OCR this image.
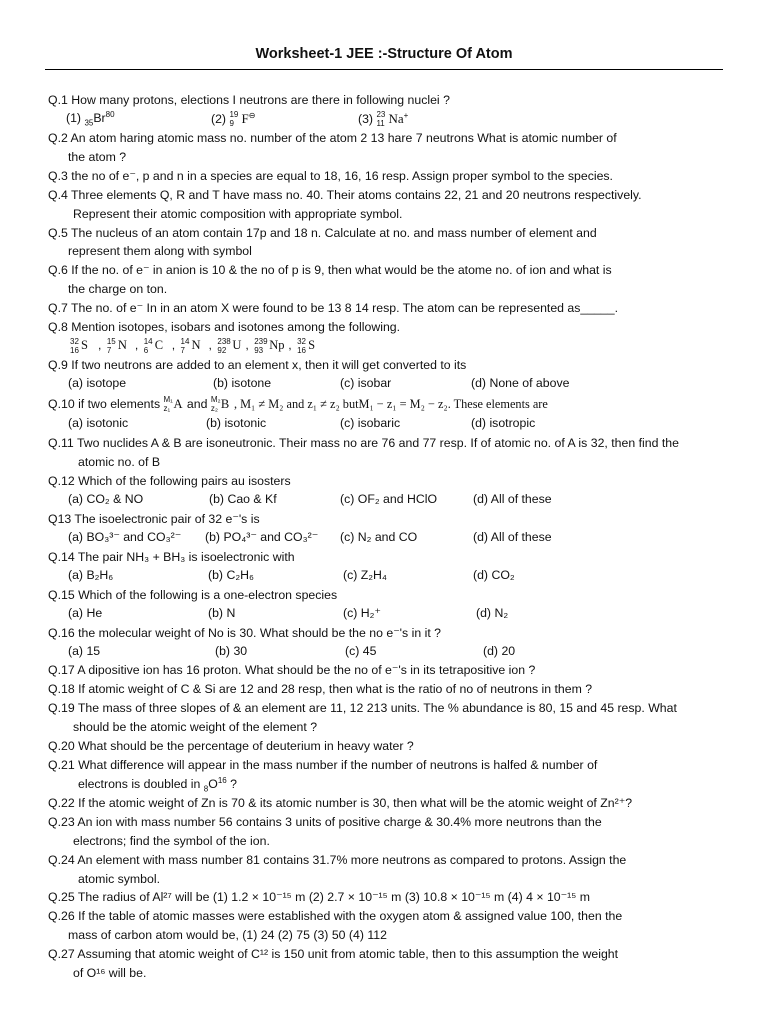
Worksheet-1 JEE :-Structure Of Atom
Q.1 How many protons, elections I neutrons are there in following nuclei ?
(1) $_{35}Br^{80}$	(2) 19
9 F⊖	(3) 23
11 Na+
Q.2 An atom haring atomic mass no. number of the atom 2 13 hare 7 neutrons What is atomic number of
the atom ?
Q.3 the no of e⁻, p and n in a species are equal to 18, 16, 16 resp. Assign proper symbol to the species.
Q.4 Three elements Q, R and T have mass no. 40. Their atoms contains 22, 21 and 20 neutrons respectively.
Represent their atomic composition with appropriate symbol.
Q.5 The nucleus of an atom contain 17p and 18 n. Calculate at no. and mass number of element and
represent them along with symbol
Q.6 If the no. of e⁻ in anion is 10 & the no of p is 9, then what would be the atome no. of ion and what is
the charge on ton.
Q.7 The no. of e⁻ In in an atom X were found to be 13 8 14 resp. The atom can be represented as_____.
Q.8 Mention isotopes, isobars and isotones among the following.
32
16 S , 15
7 N , 14
6 C , 14
7 N , 238
92 U , 239
93 Np , 32
16 S
Q.9 If two neutrons are added to an element x, then it will get converted to its
(a) isotope	(b) isotone	(c) isobar	(d) None of above
Q.10 if two elements M₁
z₁ A and M₂
z₂ B , M₁ ≠ M₂ and z₁ ≠ z₂ butM₁ − z₁ = M₂ − z₂. These elements are
(a) isotonic	(b) isotonic	(c) isobaric	(d) isotropic
Q.11 Two nuclides A & B are isoneutronic. Their mass no are 76 and 77 resp. If of atomic no. of A is 32, then find the
atomic no. of B
Q.12 Which of the following pairs au isosters
(a) CO₂ & NO	(b) Cao & Kf	(c) OF₂ and HClO	(d) All of these
Q13 The isoelectronic pair of 32 e⁻'s is
(a) BO₃³⁻ and CO₃²⁻ (b) PO₄³⁻ and CO₃²⁻ (c) N₂ and CO	(d) All of these
Q.14 The pair NH₃ + BH₃ is isoelectronic with
(a) B₂H₆	(b) C₂H₆	(c) Z₂H₄	(d) CO₂
Q.15 Which of the following is a one-electron species
(a) He	(b) N	(c) H₂⁺	(d) N₂
Q.16 the molecular weight of No is 30. What should be the no e⁻'s in it ?
(a) 15	(b) 30	(c) 45	(d) 20
Q.17 A dipositive ion has 16 proton. What should be the no of e⁻'s in its tetrapositive ion ?
Q.18 If atomic weight of C & Si are 12 and 28 resp, then what is the ratio of no of neutrons in them ?
Q.19 The mass of three slopes of & an element are 11, 12 213 units. The % abundance is 80, 15 and 45 resp. What
should be the atomic weight of the element ?
Q.20 What should be the percentage of deuterium in heavy water ?
Q.21 What difference will appear in the mass number if the number of neutrons is halfed & number of
electrons is doubled in $_8O^{16}$ ?
Q.22 If the atomic weight of Zn is 70 & its atomic number is 30, then what will be the atomic weight of Zn²⁺?
Q.23 An ion with mass number 56 contains 3 units of positive charge & 30.4% more neutrons than the
electrons; find the symbol of the ion.
Q.24 An element with mass number 81 contains 31.7% more neutrons as compared to protons. Assign the
atomic symbol.
Q.25 The radius of Al²⁷ will be (1) 1.2 × 10⁻¹⁵ m (2) 2.7 × 10⁻¹⁵ m (3) 10.8 × 10⁻¹⁵ m (4) 4 × 10⁻¹⁵ m
Q.26 If the table of atomic masses were established with the oxygen atom & assigned value 100, then the
mass of carbon atom would be, (1) 24 (2) 75 (3) 50 (4) 112
Q.27 Assuming that atomic weight of C¹² is 150 unit from atomic table, then to this assumption the weight
of O¹⁶ will be.
